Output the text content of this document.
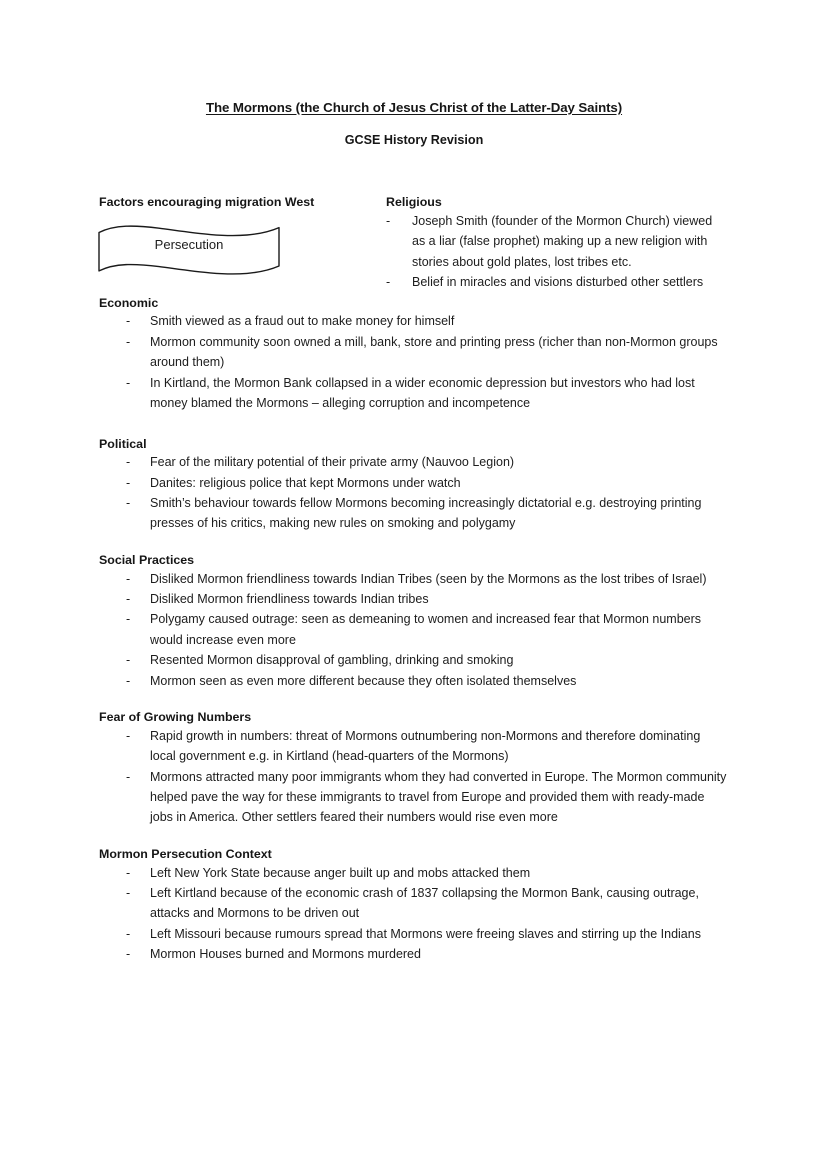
The Mormons (the Church of Jesus Christ of the Latter-Day Saints)
GCSE History Revision
Factors encouraging migration West
Economic
- Smith viewed as a fraud out to make money for himself
- Mormon community soon owned a mill, bank, store and printing press (richer than non-Mormon groups around them)
- In Kirtland, the Mormon Bank collapsed in a wider economic depression but investors who had lost money blamed the Mormons – alleging corruption and incompetence
Political
- Fear of the military potential of their private army (Nauvoo Legion)
- Danites: religious police that kept Mormons under watch
- Smith’s behaviour towards fellow Mormons becoming increasingly dictatorial e.g. destroying printing presses of his critics, making new rules on smoking and polygamy
Social Practices
- Disliked Mormon friendliness towards Indian Tribes (seen by the Mormons as the lost tribes of Israel)
- Disliked Mormon friendliness towards Indian tribes
- Polygamy caused outrage: seen as demeaning to women and increased fear that Mormon numbers would increase even more
- Resented Mormon disapproval of gambling, drinking and smoking
- Mormon seen as even more different because they often isolated themselves
Fear of Growing Numbers
- Rapid growth in numbers: threat of Mormons outnumbering non-Mormons and therefore dominating local government e.g. in Kirtland (head-quarters of the Mormons)
- Mormons attracted many poor immigrants whom they had converted in Europe. The Mormon community helped pave the way for these immigrants to travel from Europe and provided them with ready-made jobs in America. Other settlers feared their numbers would rise even more
Mormon Persecution Context
- Left New York State because anger built up and mobs attacked them
- Left Kirtland because of the economic crash of 1837 collapsing the Mormon Bank, causing outrage, attacks and Mormons to be driven out
- Left Missouri because rumours spread that Mormons were freeing slaves and stirring up the Indians
- Mormon Houses burned and Mormons murdered
Religious
- Joseph Smith (founder of the Mormon Church) viewed as a liar (false prophet) making up a new religion with stories about gold plates, lost tribes etc.
- Belief in miracles and visions disturbed other settlers
Persecution
